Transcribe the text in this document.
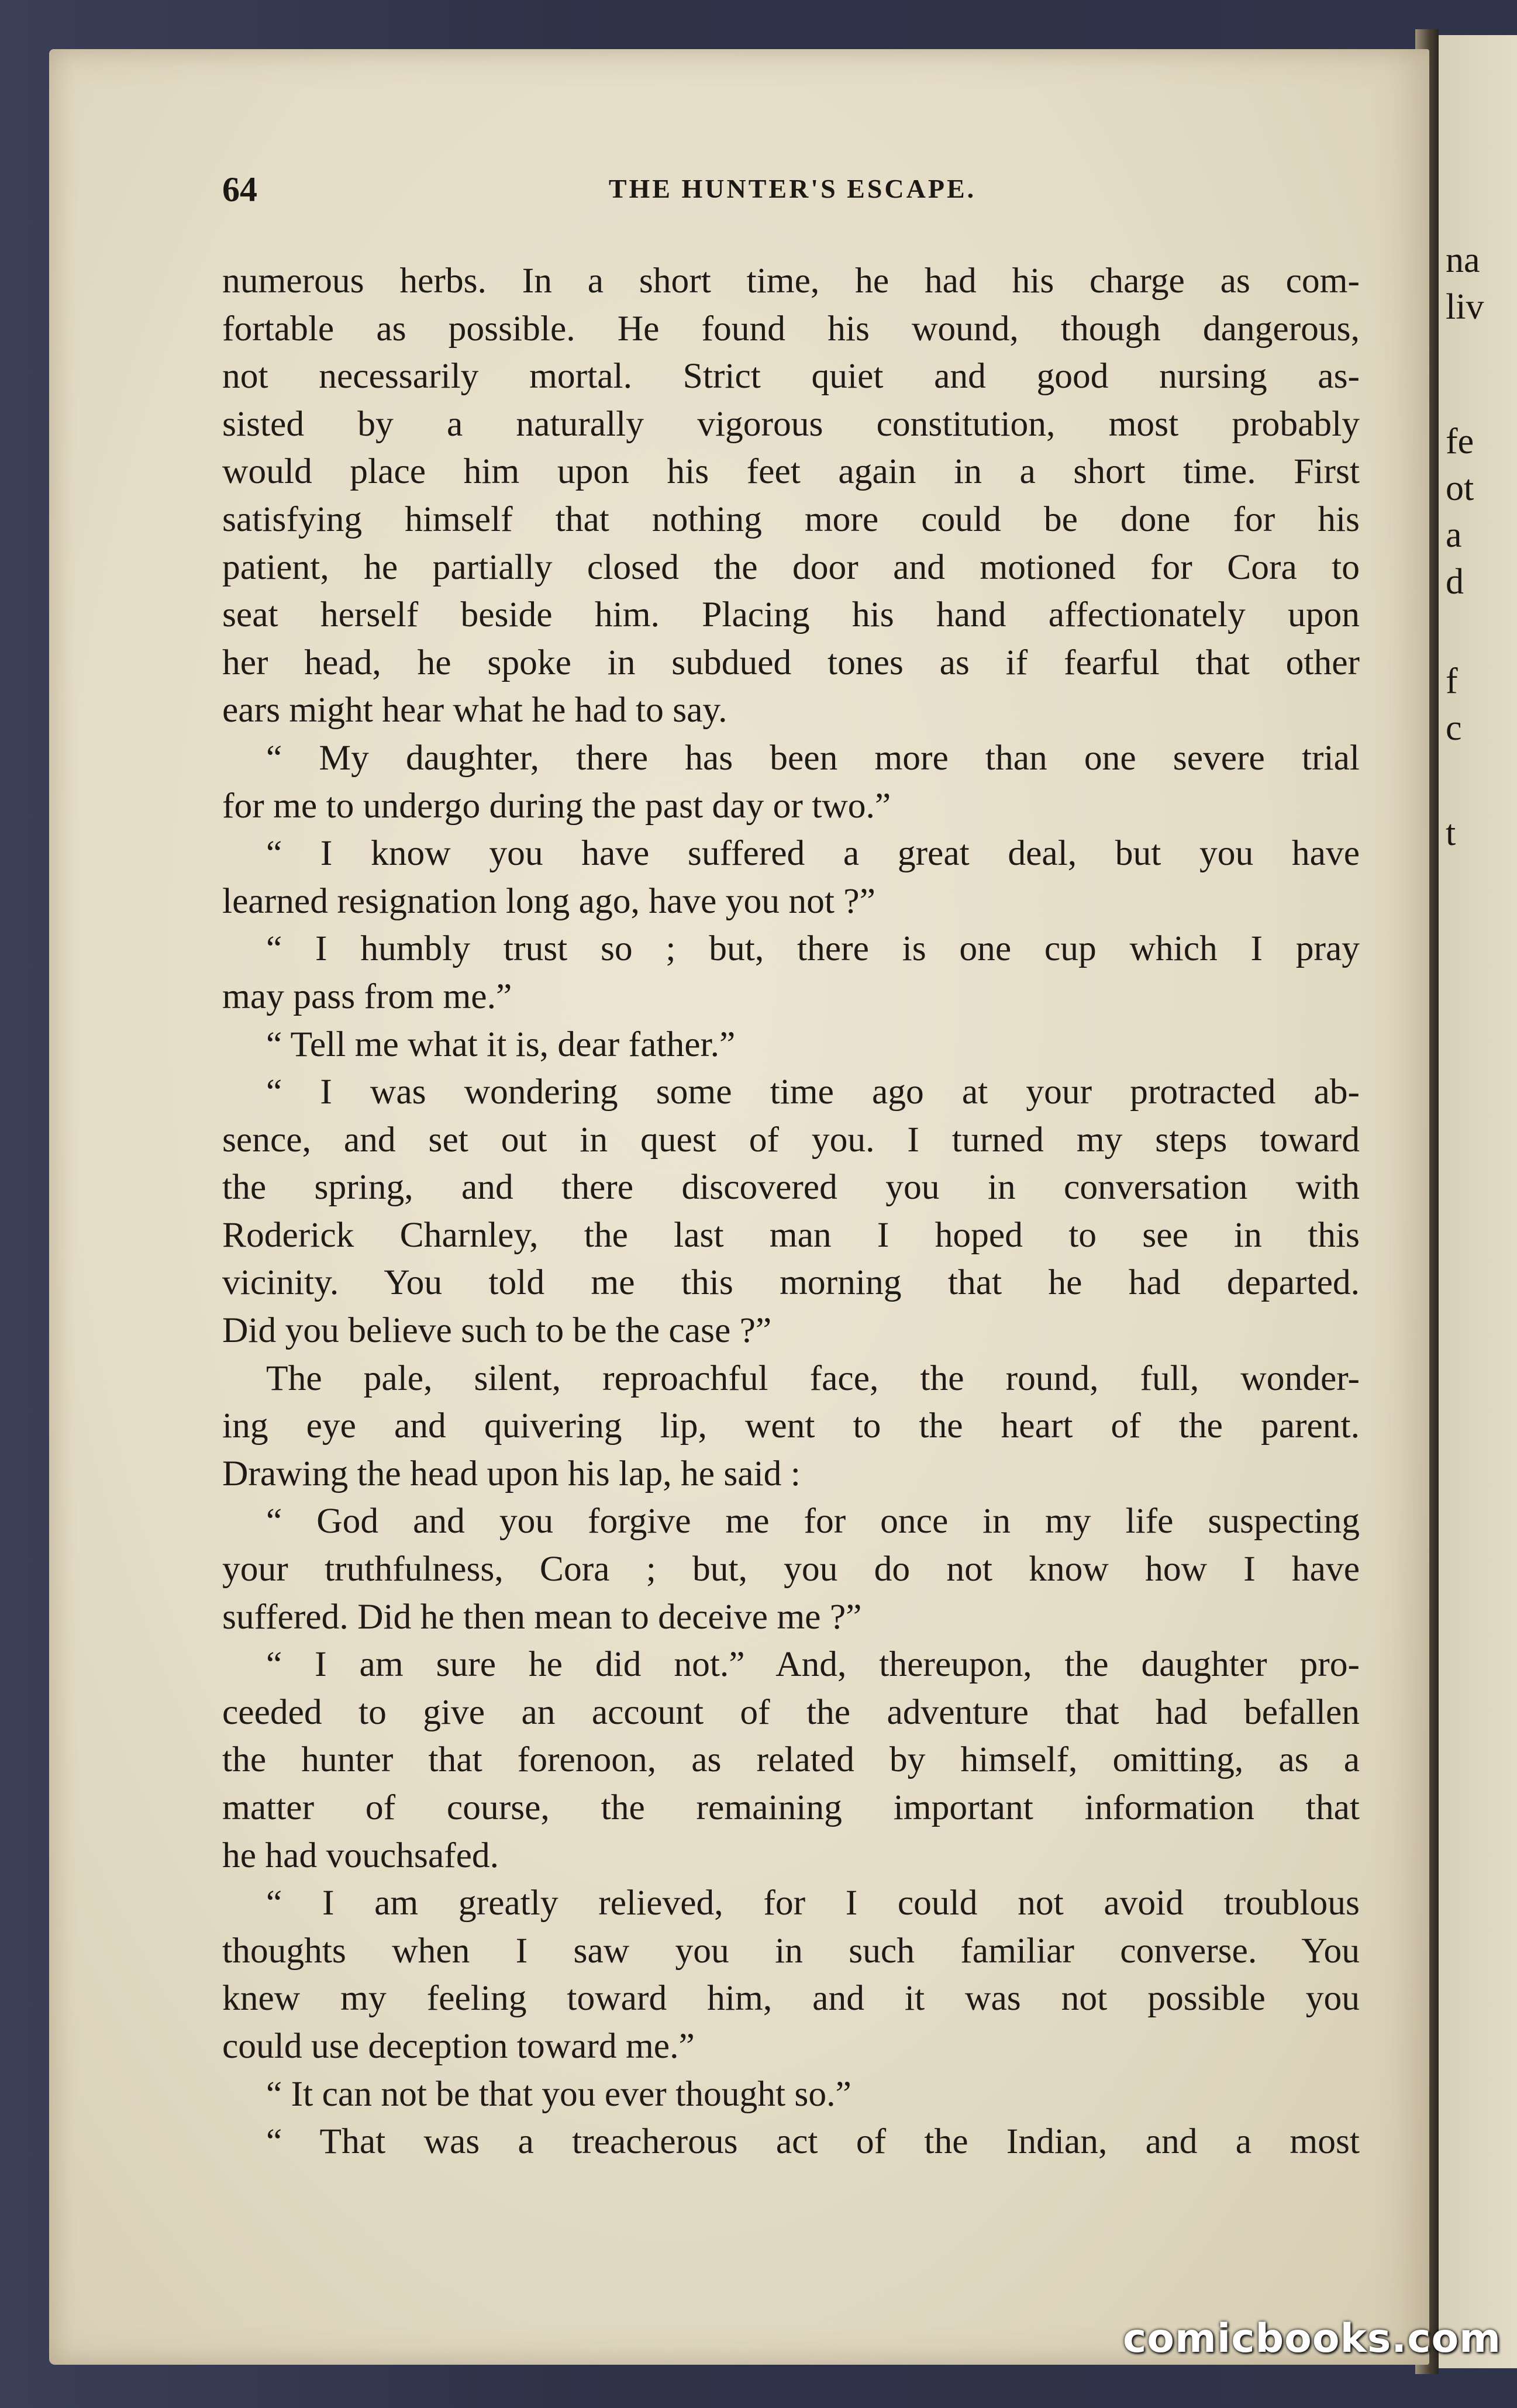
na
liv
fe
ot
a
d
f
c
t
64	THE HUNTER'S ESCAPE.
numerous herbs. In a short time, he had his charge as com-
fortable as possible. He found his wound, though dangerous,
not necessarily mortal. Strict quiet and good nursing as-
sisted by a naturally vigorous constitution, most probably
would place him upon his feet again in a short time. First
satisfying himself that nothing more could be done for his
patient, he partially closed the door and motioned for Cora to
seat herself beside him. Placing his hand affectionately upon
her head, he spoke in subdued tones as if fearful that other
ears might hear what he had to say.
“ My daughter, there has been more than one severe trial
for me to undergo during the past day or two.”
“ I know you have suffered a great deal, but you have
learned resignation long ago, have you not ?”
“ I humbly trust so ; but, there is one cup which I pray
may pass from me.”
“ Tell me what it is, dear father.”
“ I was wondering some time ago at your protracted ab-
sence, and set out in quest of you. I turned my steps toward
the spring, and there discovered you in conversation with
Roderick Charnley, the last man I hoped to see in this
vicinity. You told me this morning that he had departed.
Did you believe such to be the case ?”
The pale, silent, reproachful face, the round, full, wonder-
ing eye and quivering lip, went to the heart of the parent.
Drawing the head upon his lap, he said :
“ God and you forgive me for once in my life suspecting
your truthfulness, Cora ; but, you do not know how I have
suffered. Did he then mean to deceive me ?”
“ I am sure he did not.” And, thereupon, the daughter pro-
ceeded to give an account of the adventure that had befallen
the hunter that forenoon, as related by himself, omitting, as a
matter of course, the remaining important information that
he had vouchsafed.
“ I am greatly relieved, for I could not avoid troublous
thoughts when I saw you in such familiar converse. You
knew my feeling toward him, and it was not possible you
could use deception toward me.”
“ It can not be that you ever thought so.”
“ That was a treacherous act of the Indian, and a most
comicbooks.com
